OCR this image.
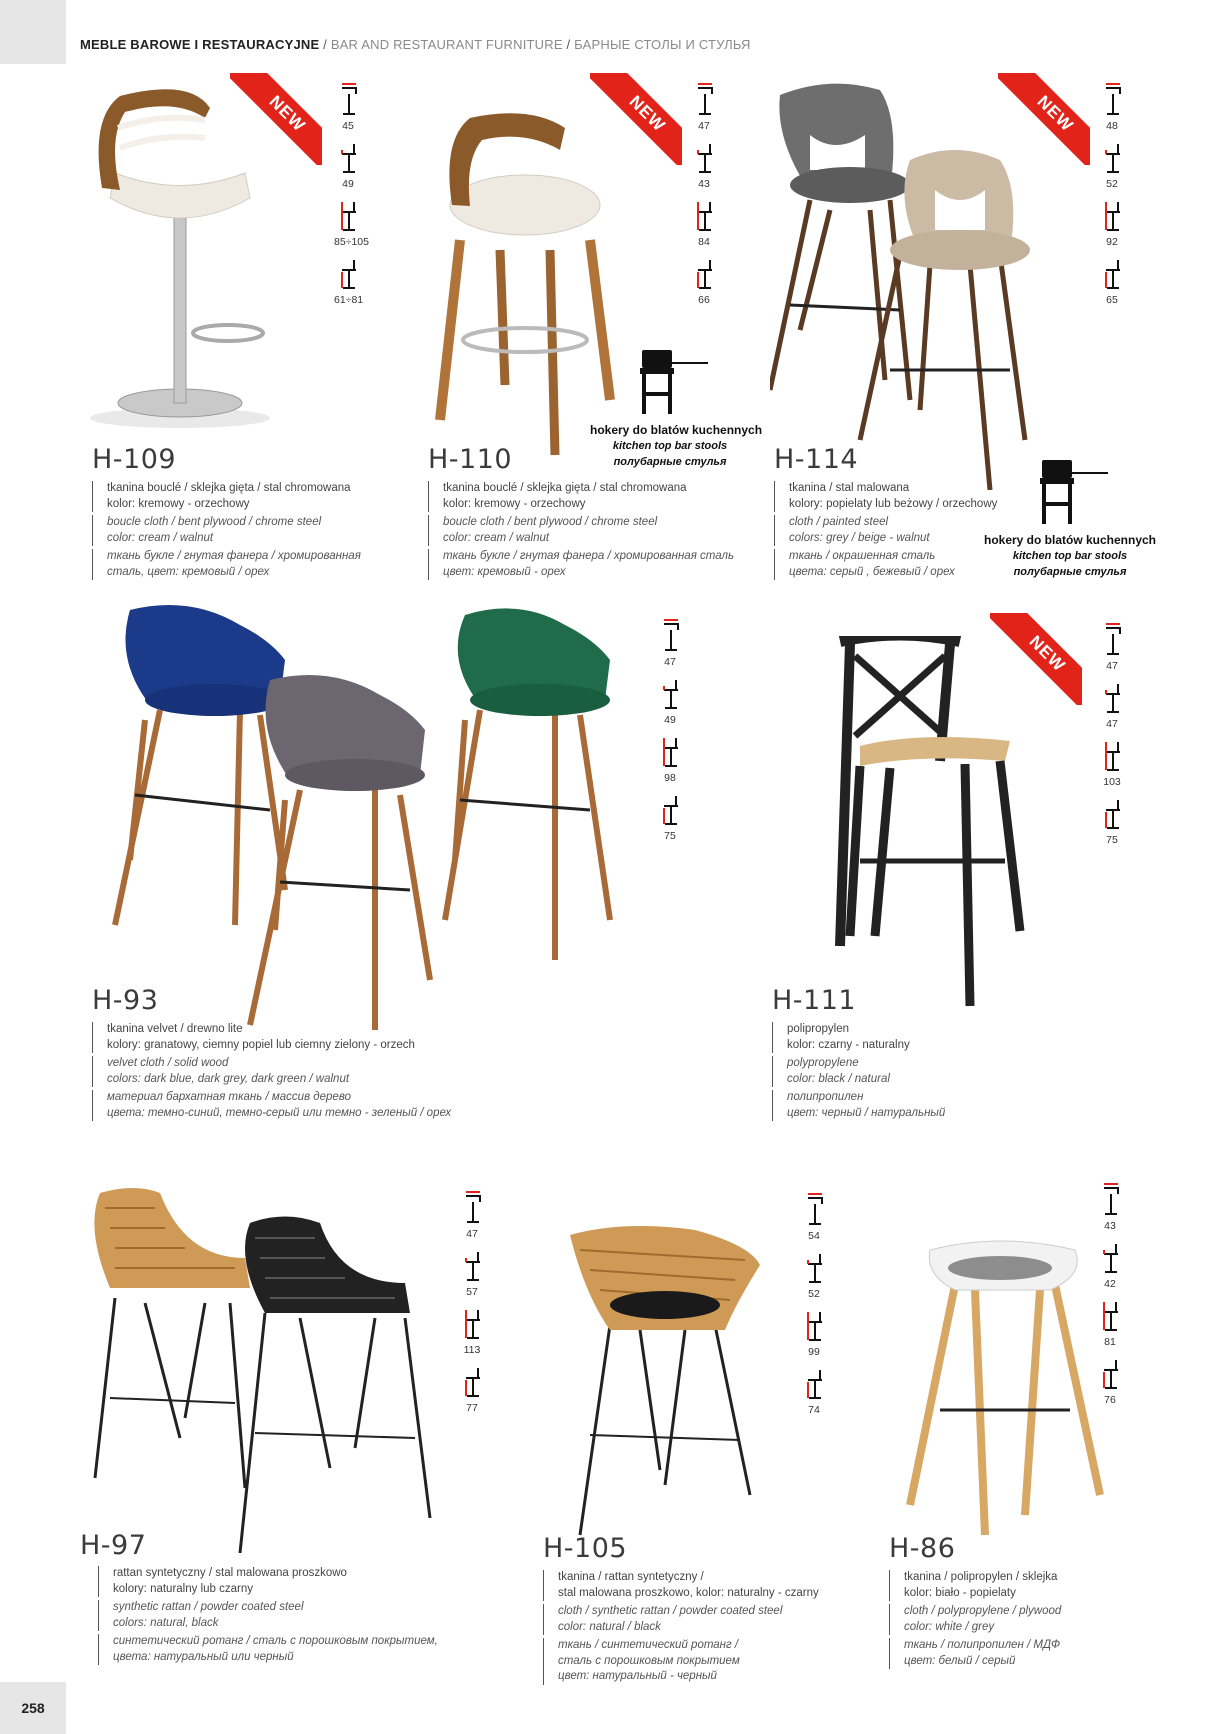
MEBLE BAROWE I RESTAURACYJNE / BAR AND RESTAURANT FURNITURE / БАРНЫЕ СТОЛЫ И СТУЛЬЯ
NEW	45
49
85÷105
61÷81
H-109
tkanina bouclé / sklejka gięta / stal chromowana
kolor: kremowy - orzechowy
boucle cloth / bent plywood / chrome steel
color: cream / walnut
ткань букле / гнутая фанера / хромированная
сталь, цвет: кремовый / орех
NEW	47
43
84
66
hokery do blatów kuchennych
kitchen top bar stools
полубарные стулья
H-110
tkanina bouclé / sklejka gięta / stal chromowana
kolor: kremowy - orzechowy
boucle cloth / bent plywood / chrome steel
color: cream / walnut
ткань букле / гнутая фанера / хромированная сталь
цвет: кремовый - орех
NEW	48
52
92
65
hokery do blatów kuchennych
kitchen top bar stools
полубарные стулья
H-114
tkanina / stal malowana
kolory: popielaty lub beżowy / orzechowy
cloth / painted steel
colors: grey / beige - walnut
ткань / окрашенная сталь
цвета: серый , бежевый / орех
47
49
98
75
H-93
tkanina velvet / drewno lite
kolory: granatowy, ciemny popiel lub ciemny zielony - orzech
velvet cloth / solid wood
colors: dark blue, dark grey, dark green / walnut
материал бархатная ткань / массив дерево
цвета: темно-синий, темно-серый или темно - зеленый / орех
NEW	47
47
103
75
H-111
polipropylen
kolor: czarny - naturalny
polypropylene
color: black / natural
полипропилен
цвет: черный / натуральный
47
57
113
77
H-97
rattan syntetyczny / stal malowana proszkowo
kolory: naturalny lub czarny
synthetic rattan / powder coated steel
colors: natural, black
синтетический ротанг / сталь с порошковым покрытием,
цвета: натуральный или черный
54
52
99
74
H-105
tkanina / rattan syntetyczny /
stal malowana proszkowo, kolor: naturalny - czarny
cloth / synthetic rattan / powder coated steel
color: natural / black
ткань / синтетический ротанг /
сталь с порошковым покрытием
цвет: натуральный - черный
43
42
81
76
H-86
tkanina / polipropylen / sklejka
kolor: biało - popielaty
cloth / polypropylene / plywood
color: white / grey
ткань / полипропилен / МДФ
цвет: белый / серый
258
